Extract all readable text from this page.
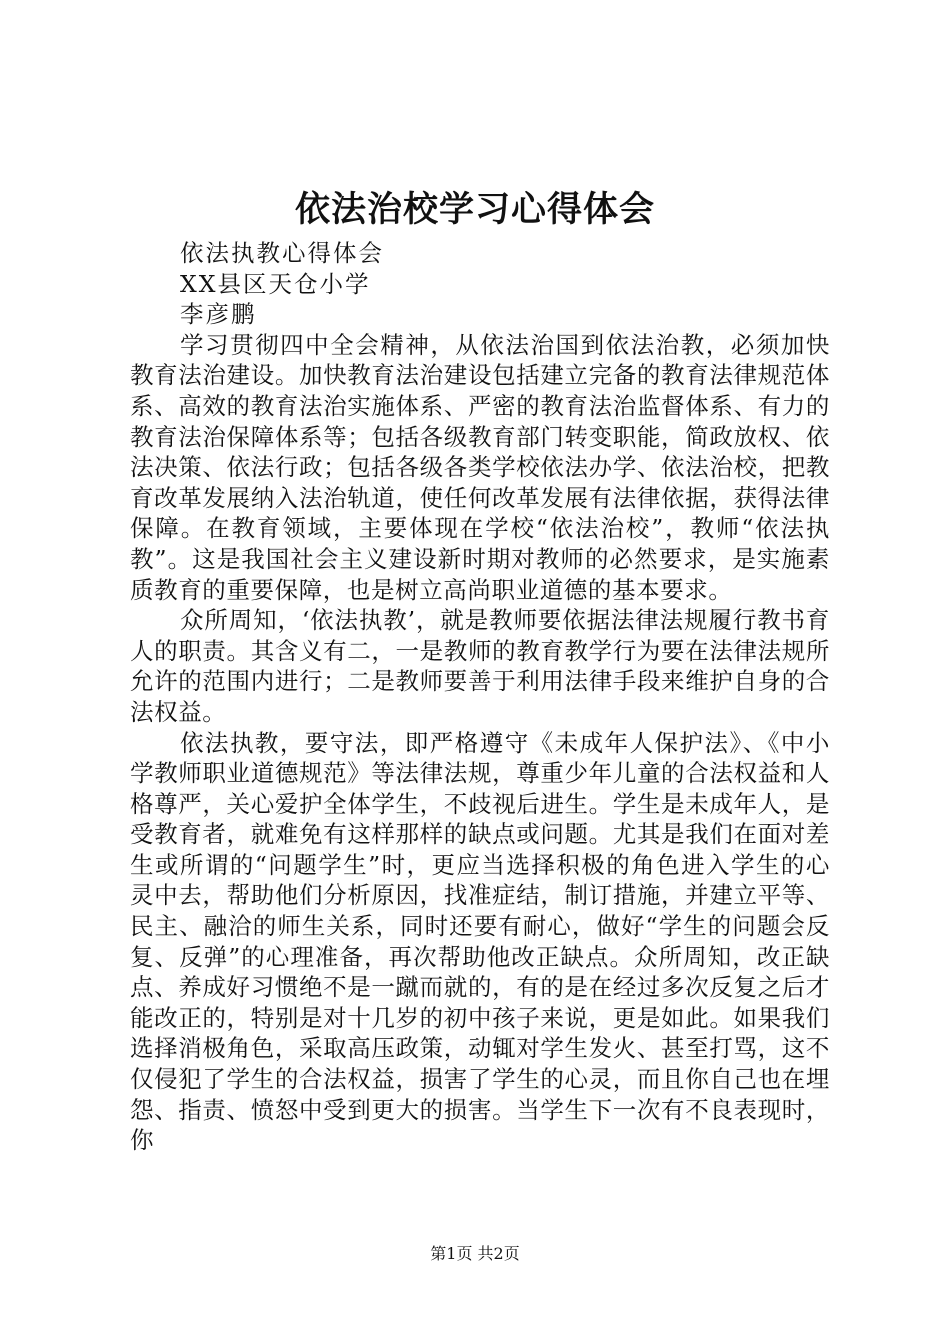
依法治校学习心得体会

依法执教心得体会

XX县区天仓小学

李彦鹏

学习贯彻四中全会精神，从依法治国到依法治教，必须加快教育法治建设。加快教育法治建设包括建立完备的教育法律规范体系、高效的教育法治实施体系、严密的教育法治监督体系、有力的教育法治保障体系等；包括各级教育部门转变职能，简政放权、依法决策、依法行政；包括各级各类学校依法办学、依法治校，把教育改革发展纳入法治轨道，使任何改革发展有法律依据，获得法律保障。在教育领域，主要体现在学校“依法治校”，教师“依法执教”。这是我国社会主义建设新时期对教师的必然要求，是实施素质教育的重要保障，也是树立高尚职业道德的基本要求。

众所周知，‘依法执教’，就是教师要依据法律法规履行教书育人的职责。其含义有二，一是教师的教育教学行为要在法律法规所允许的范围内进行；二是教师要善于利用法律手段来维护自身的合法权益。

依法执教，要守法，即严格遵守《未成年人保护法》、《中小学教师职业道德规范》等法律法规，尊重少年儿童的合法权益和人格尊严，关心爱护全体学生，不歧视后进生。学生是未成年人，是受教育者，就难免有这样那样的缺点或问题。尤其是我们在面对差生或所谓的“问题学生”时，更应当选择积极的角色进入学生的心灵中去，帮助他们分析原因，找准症结，制订措施，并建立平等、民主、融洽的师生关系，同时还要有耐心，做好“学生的问题会反复、反弹”的心理准备，再次帮助他改正缺点。众所周知，改正缺点、养成好习惯绝不是一蹴而就的，有的是在经过多次反复之后才能改正的，特别是对十几岁的初中孩子来说，更是如此。如果我们选择消极角色，采取高压政策，动辄对学生发火、甚至打骂，这不仅侵犯了学生的合法权益，损害了学生的心灵，而且你自己也在埋怨、指责、愤怒中受到更大的损害。当学生下一次有不良表现时，你

第1页 共2页
